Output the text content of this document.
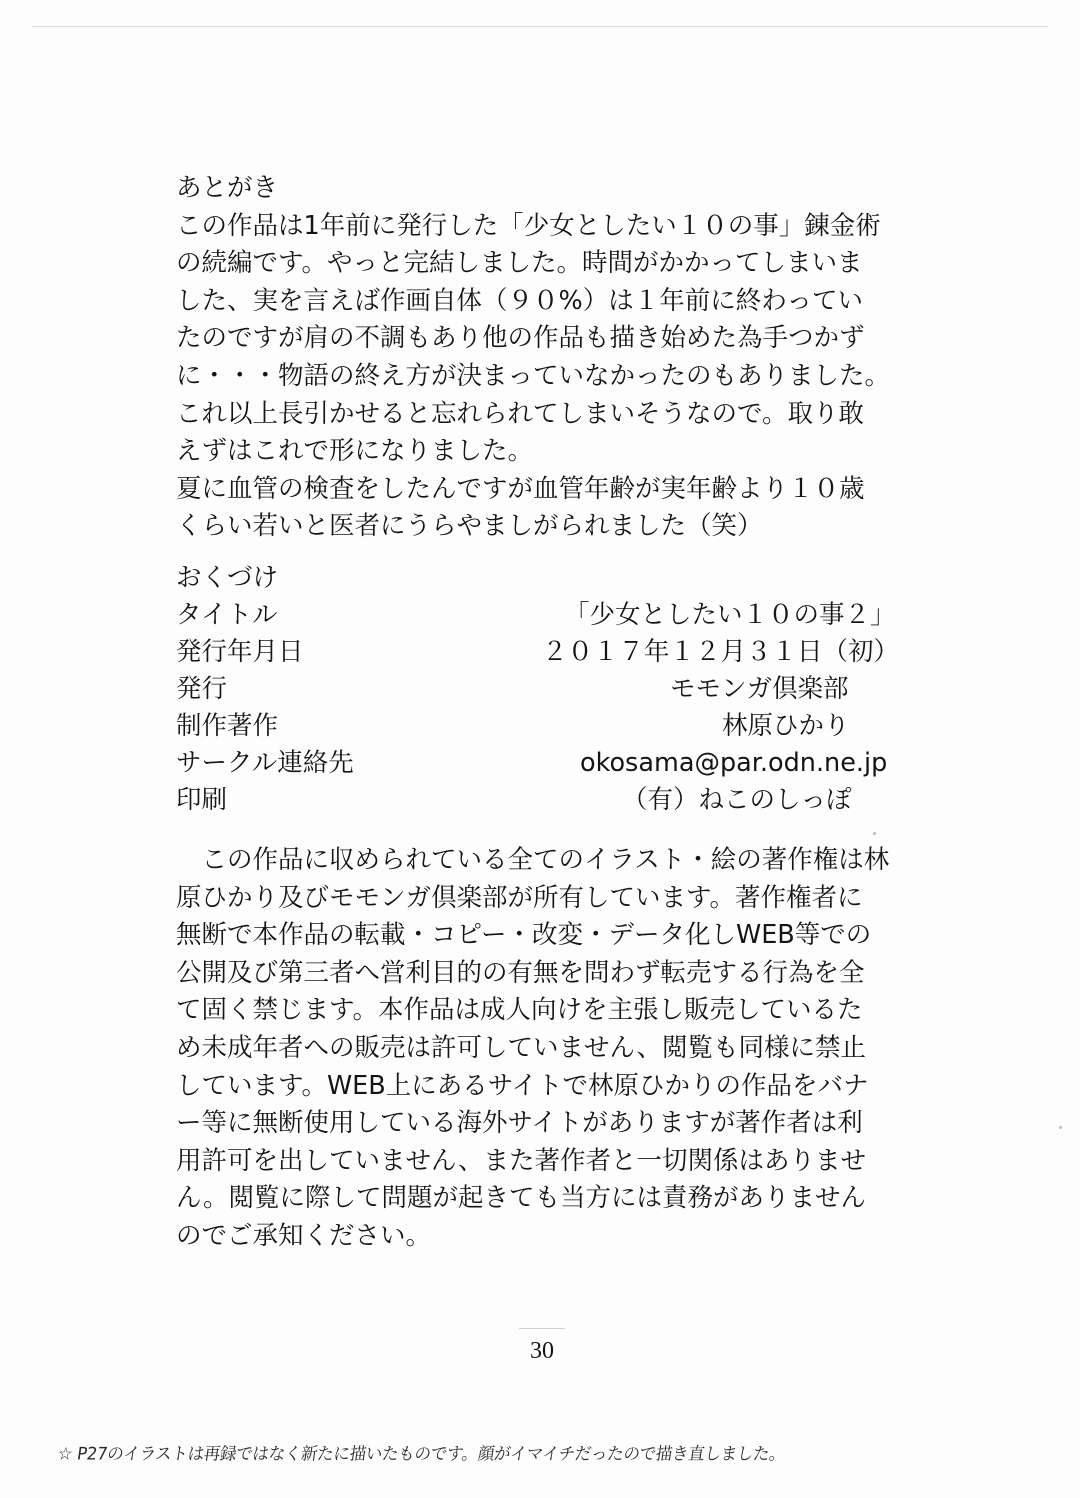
あとがき
この作品は1年前に発行した「少女としたい１０の事」錬金術
の続編です。やっと完結しました。時間がかかってしまいま
した、実を言えば作画自体（９０%）は１年前に終わってい
たのですが肩の不調もあり他の作品も描き始めた為手つかず
に・・・物語の終え方が決まっていなかったのもありました。
これ以上長引かせると忘れられてしまいそうなので。取り敢
えずはこれで形になりました。
夏に血管の検査をしたんですが血管年齢が実年齢より１０歳
くらい若いと医者にうらやましがられました（笑）
おくづけ
タイトル	「少女としたい１０の事２」
発行年月日	２０１７年１２月３１日（初）
発行	モモンガ倶楽部
制作著作	林原ひかり
サークル連絡先	okosama@par.odn.ne.jp
印刷	（有）ねこのしっぽ
　この作品に収められている全てのイラスト・絵の著作権は林
原ひかり及びモモンガ倶楽部が所有しています。著作権者に
無断で本作品の転載・コピー・改変・データ化しWEB等での
公開及び第三者へ営利目的の有無を問わず転売する行為を全
て固く禁じます。本作品は成人向けを主張し販売しているた
め未成年者への販売は許可していません、閲覧も同様に禁止
しています。WEB上にあるサイトで林原ひかりの作品をバナ
ー等に無断使用している海外サイトがありますが著作者は利
用許可を出していません、また著作者と一切関係はありませ
ん。閲覧に際して問題が起きても当方には責務がありません
のでご承知ください。
30
☆ P27のイラストは再録ではなく新たに描いたものです。顔がイマイチだったので描き直しました。
